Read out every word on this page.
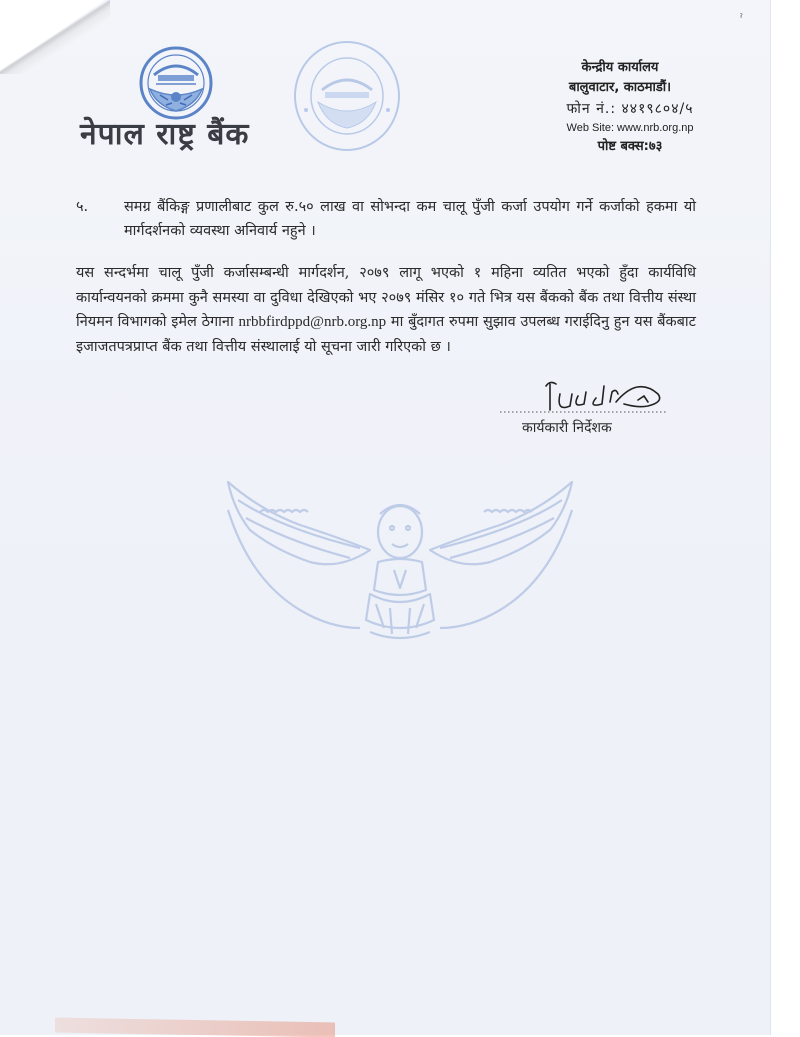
ˀ
नेपाल राष्ट्र बैंक
केन्द्रीय कार्यालय
बालुवाटार, काठमाडौं।
फोन नं.: ४४१९८०४/५
Web Site: www.nrb.org.np
पोष्ट बक्स:७३
५.	समग्र बैंकिङ्ग प्रणालीबाट कुल रु.५० लाख वा सोभन्दा कम चालू पुँजी कर्जा उपयोग गर्ने कर्जाको हकमा यो मार्गदर्शनको व्यवस्था अनिवार्य नहुने ।
यस सन्दर्भमा चालू पुँजी कर्जासम्बन्धी मार्गदर्शन, २०७९ लागू भएको १ महिना व्यतित भएको हुँदा कार्यविधि कार्यान्वयनको क्रममा कुनै समस्या वा दुविधा देखिएको भए २०७९ मंसिर १० गते भित्र यस बैंकको बैंक तथा वित्तीय संस्था नियमन विभागको इमेल ठेगाना nrbbfirdppd@nrb.org.np मा बुँदागत रुपमा सुझाव उपलब्ध गराईदिनु हुन यस बैंकबाट इजाजतपत्रप्राप्त बैंक तथा वित्तीय संस्थालाई यो सूचना जारी गरिएको छ ।
कार्यकारी निर्देशक
